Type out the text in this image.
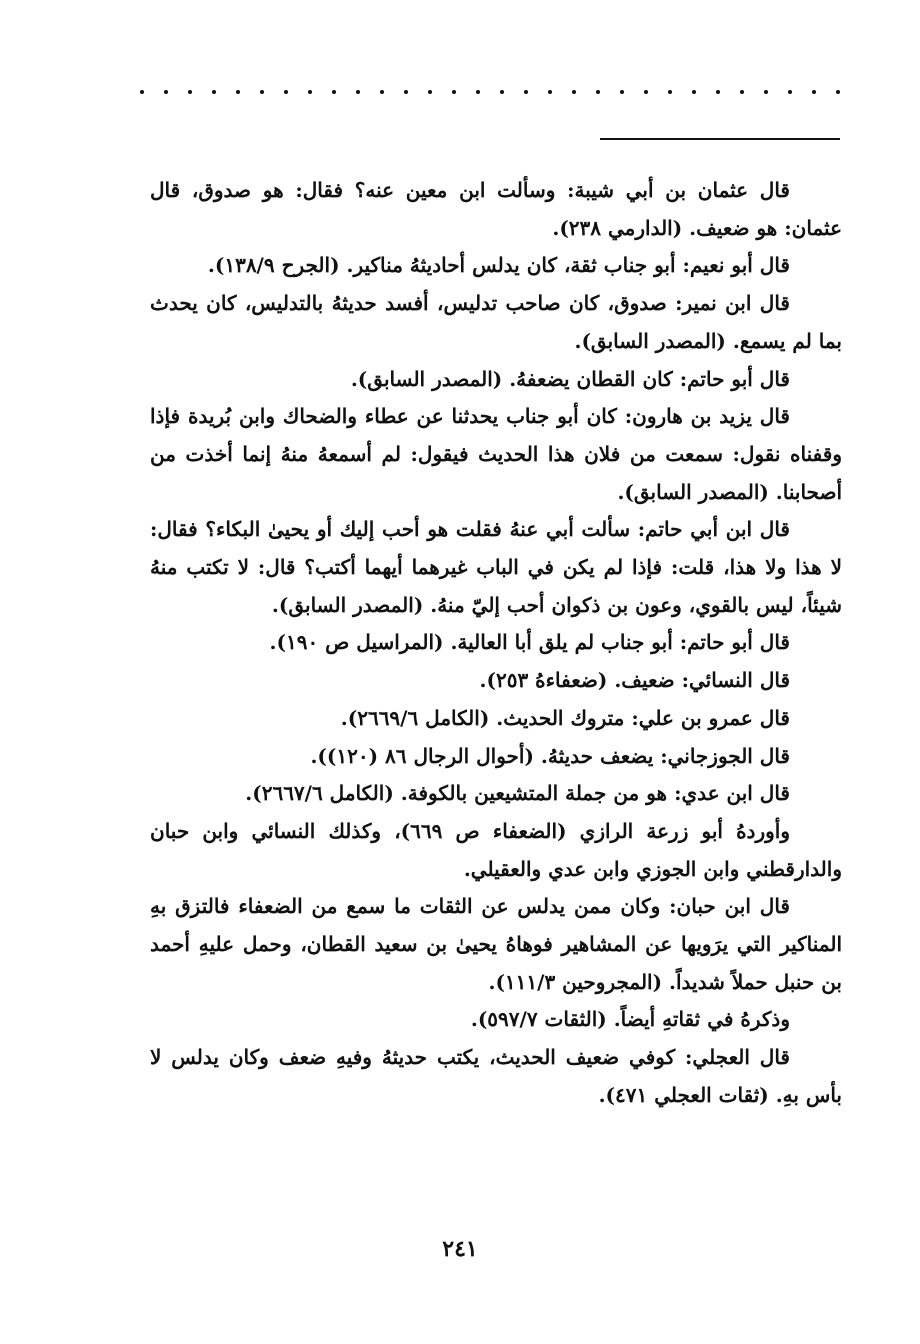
قال عثمان بن أبي شيبة: وسألت ابن معين عنه؟ فقال: هو صدوق، قال عثمان: هو ضعيف. (الدارمي ٢٣٨).

قال أبو نعيم: أبو جناب ثقة، كان يدلس أحاديثهُ مناكير. (الجرح ١٣٨/٩).

قال ابن نمير: صدوق، كان صاحب تدليس، أفسد حديثهُ بالتدليس، كان يحدث بما لم يسمع. (المصدر السابق).

قال أبو حاتم: كان القطان يضعفهُ. (المصدر السابق).

قال يزيد بن هارون: كان أبو جناب يحدثنا عن عطاء والضحاك وابن بُريدة فإذا وقفناه نقول: سمعت من فلان هذا الحديث فيقول: لم أسمعهُ منهُ إنما أخذت من أصحابنا. (المصدر السابق).

قال ابن أبي حاتم: سألت أبي عنهُ فقلت هو أحب إليك أو يحيىٰ البكاء؟ فقال: لا هذا ولا هذا، قلت: فإذا لم يكن في الباب غيرهما أيهما أكتب؟ قال: لا تكتب منهُ شيئاً، ليس بالقوي، وعون بن ذكوان أحب إليّ منهُ. (المصدر السابق).

قال أبو حاتم: أبو جناب لم يلق أبا العالية. (المراسيل ص ١٩٠).

قال النسائي: ضعيف. (ضعفاءهُ ٢٥٣).

قال عمرو بن علي: متروك الحديث. (الكامل ٢٦٦٩/٦).

قال الجوزجاني: يضعف حديثهُ. (أحوال الرجال ٨٦ (١٢٠)).

قال ابن عدي: هو من جملة المتشيعين بالكوفة. (الكامل ٢٦٦٧/٦).

وأوردهُ أبو زرعة الرازي (الضعفاء ص ٦٦٩)، وكذلك النسائي وابن حبان والدارقطني وابن الجوزي وابن عدي والعقيلي.

قال ابن حبان: وكان ممن يدلس عن الثقات ما سمع من الضعفاء فالتزق بهِ المناكير التي يرَويها عن المشاهير فوهاهُ يحيىٰ بن سعيد القطان، وحمل عليهِ أحمد بن حنبل حملاً شديداً. (المجروحين ١١١/٣).

وذكرهُ في ثقاتهِ أيضاً. (الثقات ٥٩٧/٧).

قال العجلي: كوفي ضعيف الحديث، يكتب حديثهُ وفيهِ ضعف وكان يدلس لا بأس بهِ. (ثقات العجلي ٤٧١).

٢٤١
